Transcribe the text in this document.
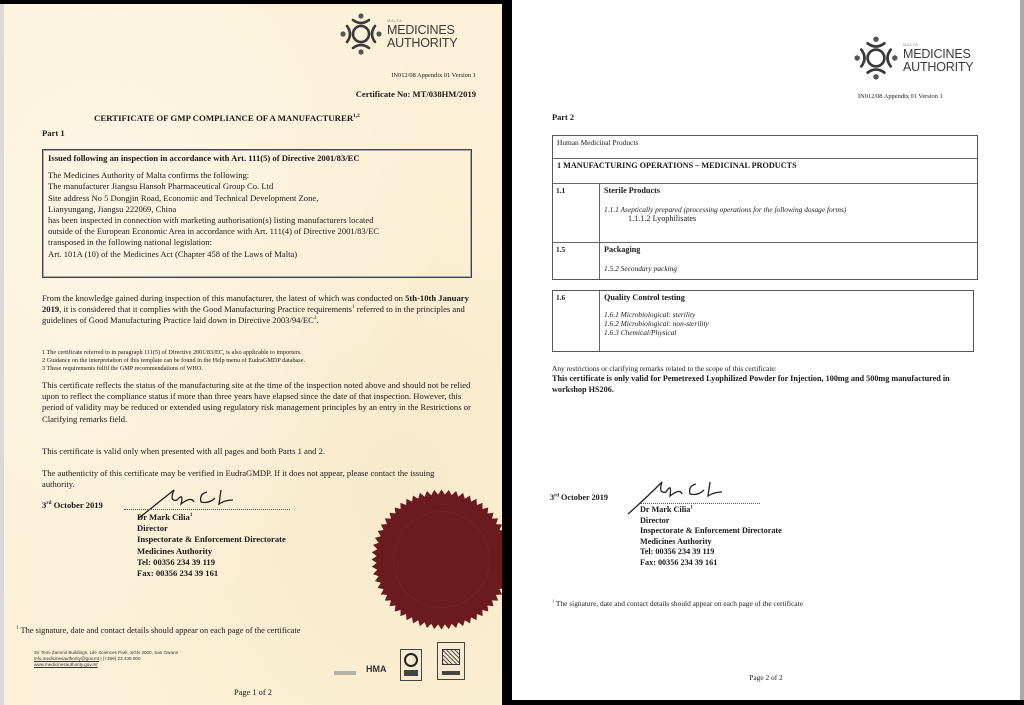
MALTA
MEDICINES
AUTHORITY
IN012/08 Appendix 01 Version 1
Certificate No: MT/038HM/2019
CERTIFICATE OF GMP COMPLIANCE OF A MANUFACTURER$^{1,2}$
Part 1
Issued following an inspection in accordance with Art. 111(5) of Directive 2001/83/EC
The Medicines Authority of Malta confirms the following:
The manufacturer Jiangsu Hansoh Pharmaceutical Group Co. Ltd
Site address No 5 Dongjin Road, Economic and Technical Development Zone,
Lianyungang, Jiangsu 222069, China
has been inspected in connection with marketing authorisation(s) listing manufacturers located
outside of the European Economic Area in accordance with Art. 111(4) of Directive 2001/83/EC
transposed in the following national legislation:
Art. 101A (10) of the Medicines Act (Chapter 458 of the Laws of Malta)
From the knowledge gained during inspection of this manufacturer, the latest of which was conducted on 5th-10th January 2019, it is considered that it complies with the Good Manufacturing Practice requirements$^1$ referred to in the principles and guidelines of Good Manufacturing Practice laid down in Directive $2003/94/EC^3$.
1 The certificate referred to in paragraph 111(5) of Directive 2001/83/EC, is also applicable to importers.
2 Guidance on the interpretation of this template can be found in the Help menu of EudraGMDP database.
3 These requirements fulfil the GMP recommendations of WHO.
This certificate reflects the status of the manufacturing site at the time of the inspection noted above and should not be relied upon to reflect the compliance status if more than three years have elapsed since the date of that inspection. However, this period of validity may be reduced or extended using regulatory risk management principles by an entry in the Restrictions or Clarifying remarks field.
This certificate is valid only when presented with all pages and both Parts 1 and 2.
The authenticity of this certificate may be verified in EudraGMDP. If it does not appear, please contact the issuing authority.
3rd October 2019
Dr Mark Cilia$^1$
Director
Inspectorate & Enforcement Directorate
Medicines Authority
Tel: 00356 234 39 119
Fax: 00356 234 39 161
$^1$ The signature, date and contact details should appear on each page of the certificate
Sir Temi Żammit Buildings, Life Sciences Park, SĠN 3000, San Ġwann
info.medicinesauthority@gov.mt | (+356) 23 439 000
www.medicinesauthority.gov.mt	HMA
Page 1 of 2
MALTA
MEDICINES
AUTHORITY
IN012/08 Appendix 01 Version 1
Part 2
Human Medicinal Products
1 MANUFACTURING OPERATIONS – MEDICINAL PRODUCTS
1.1	Sterile Products
1.1.1 Aseptically prepared (processing operations for the following dosage forms)
1.1.1.2 Lyophilisates
1.5	Packaging
1.5.2 Secondary packing
1.6	Quality Control testing
1.6.1 Microbiological: sterility
1.6.2 Microbiological: non-sterility
1.6.3 Chemical/Physical
Any restrictions or clarifying remarks related to the scope of this certificate:
This certificate is only valid for Pemetrexed Lyophilized Powder for Injection, 100mg and 500mg manufactured in workshop HS206.
3rd October 2019
Dr Mark Cilia$^1$
Director
Inspectorate & Enforcement Directorate
Medicines Authority
Tel: 00356 234 39 119
Fax: 00356 234 39 161
$^1$ The signature, date and contact details should appear on each page of the certificate
Page 2 of 2
